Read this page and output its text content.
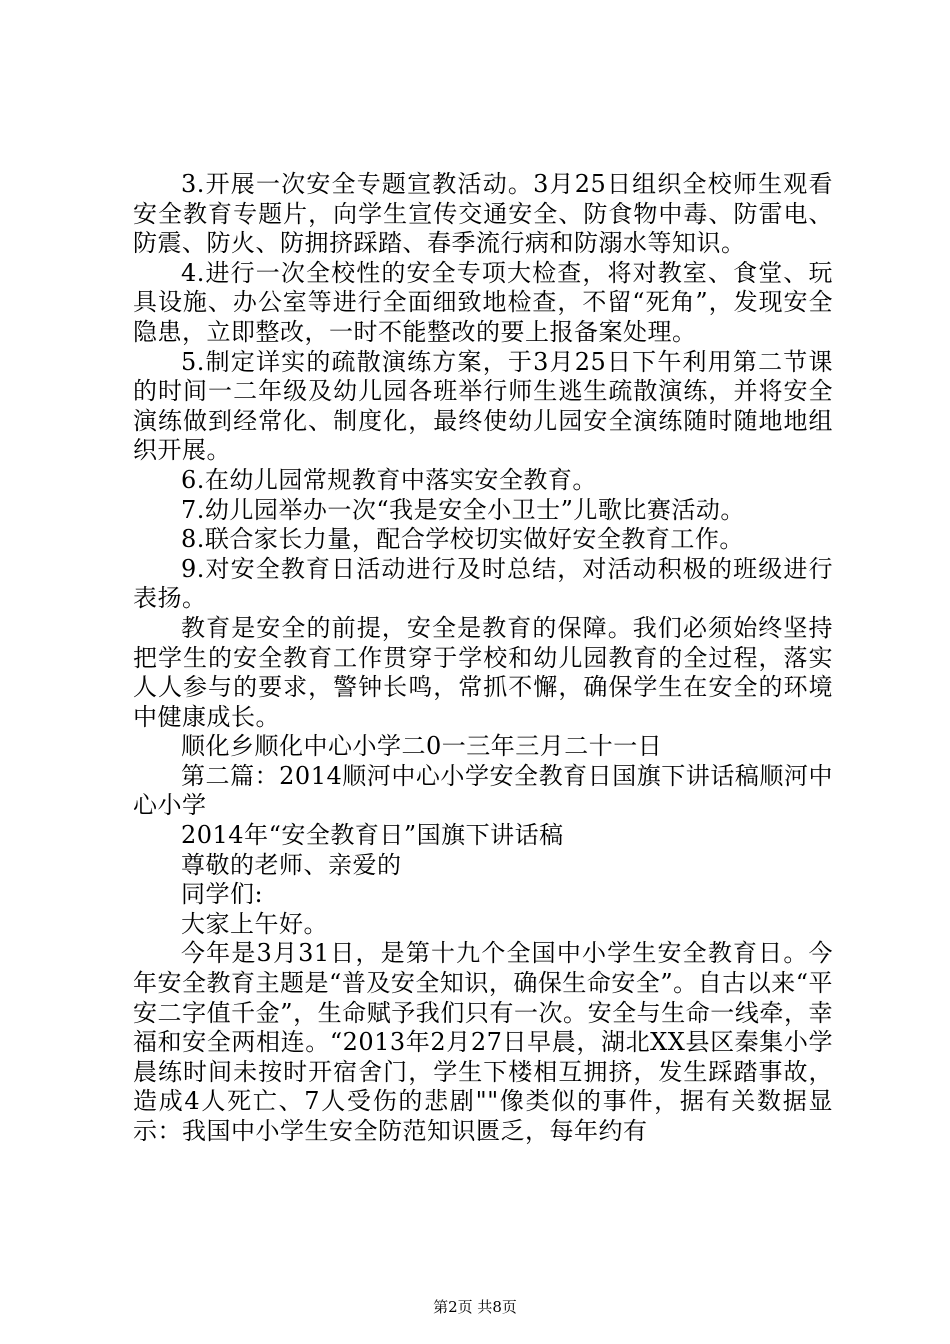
3.开展一次安全专题宣教活动。3月25日组织全校师生观看安全教育专题片，向学生宣传交通安全、防食物中毒、防雷电、防震、防火、防拥挤踩踏、春季流行病和防溺水等知识。

4.进行一次全校性的安全专项大检查，将对教室、食堂、玩具设施、办公室等进行全面细致地检查，不留“死角”，发现安全隐患，立即整改，一时不能整改的要上报备案处理。

5.制定详实的疏散演练方案，于3月25日下午利用第二节课的时间一二年级及幼儿园各班举行师生逃生疏散演练，并将安全演练做到经常化、制度化，最终使幼儿园安全演练随时随地地组织开展。

6.在幼儿园常规教育中落实安全教育。

7.幼儿园举办一次“我是安全小卫士”儿歌比赛活动。

8.联合家长力量，配合学校切实做好安全教育工作。

9.对安全教育日活动进行及时总结，对活动积极的班级进行表扬。

教育是安全的前提，安全是教育的保障。我们必须始终坚持把学生的安全教育工作贯穿于学校和幼儿园教育的全过程，落实人人参与的要求，警钟长鸣，常抓不懈，确保学生在安全的环境中健康成长。

顺化乡顺化中心小学二0一三年三月二十一日

第二篇：2014顺河中心小学安全教育日国旗下讲话稿顺河中心小学

2014年“安全教育日”国旗下讲话稿

尊敬的老师、亲爱的

同学们:

大家上午好。

今年是3月31日，是第十九个全国中小学生安全教育日。今年安全教育主题是“普及安全知识，确保生命安全”。自古以来“平安二字值千金”，生命赋予我们只有一次。安全与生命一线牵，幸福和安全两相连。“2013年2月27日早晨，湖北XX县区秦集小学晨练时间未按时开宿舍门，学生下楼相互拥挤，发生踩踏事故，造成4人死亡、7人受伤的悲剧""像类似的事件，据有关数据显示：我国中小学生安全防范知识匮乏，每年约有

第2页 共8页
